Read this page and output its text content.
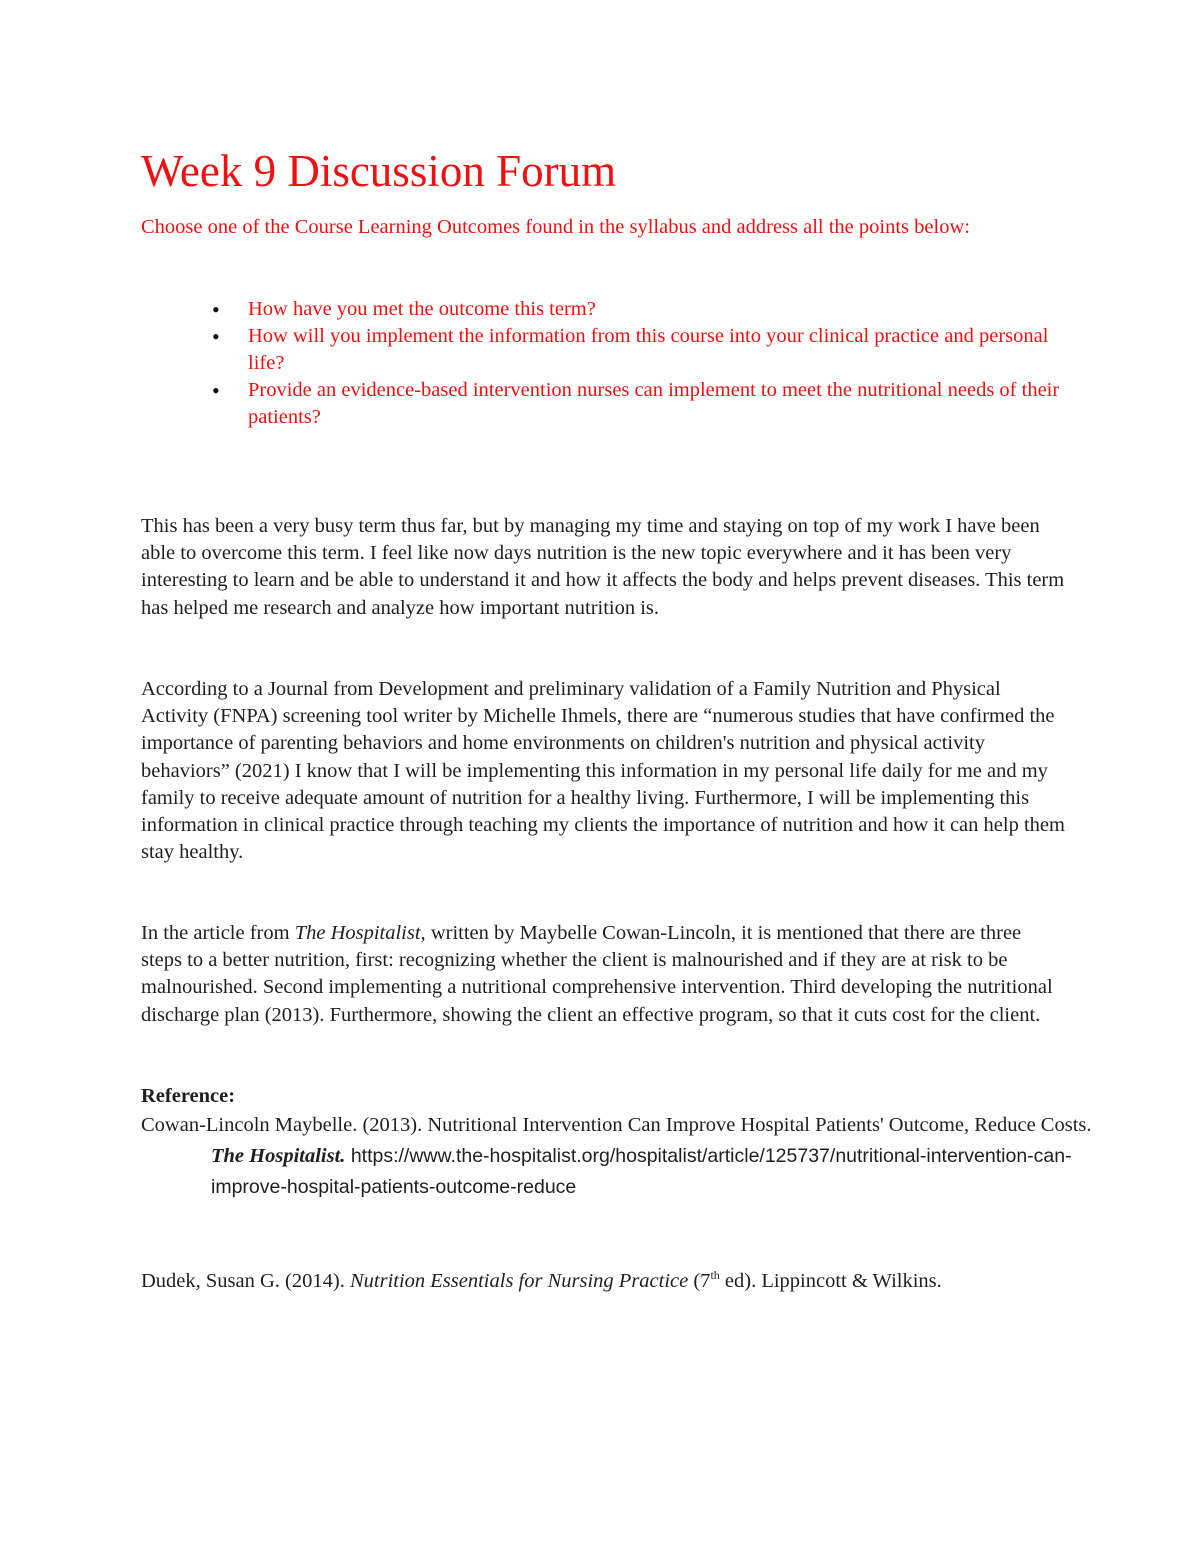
Week 9 Discussion Forum

Choose one of the Course Learning Outcomes found in the syllabus and address all the points below:

• How have you met the outcome this term?
• How will you implement the information from this course into your clinical practice and personal life?
• Provide an evidence-based intervention nurses can implement to meet the nutritional needs of their patients?

This has been a very busy term thus far, but by managing my time and staying on top of my work I have been able to overcome this term. I feel like now days nutrition is the new topic everywhere and it has been very interesting to learn and be able to understand it and how it affects the body and helps prevent diseases. This term has helped me research and analyze how important nutrition is.

According to a Journal from Development and preliminary validation of a Family Nutrition and Physical Activity (FNPA) screening tool writer by Michelle Ihmels, there are “numerous studies that have confirmed the importance of parenting behaviors and home environments on children's nutrition and physical activity behaviors” (2021) I know that I will be implementing this information in my personal life daily for me and my family to receive adequate amount of nutrition for a healthy living. Furthermore, I will be implementing this information in clinical practice through teaching my clients the importance of nutrition and how it can help them stay healthy.

In the article from The Hospitalist, written by Maybelle Cowan-Lincoln, it is mentioned that there are three steps to a better nutrition, first: recognizing whether the client is malnourished and if they are at risk to be malnourished. Second implementing a nutritional comprehensive intervention. Third developing the nutritional discharge plan (2013). Furthermore, showing the client an effective program, so that it cuts cost for the client.

Reference:

Cowan-Lincoln Maybelle. (2013). Nutritional Intervention Can Improve Hospital Patients' Outcome, Reduce Costs. The Hospitalist. https://www.the-hospitalist.org/hospitalist/article/125737/nutritional-intervention-can-improve-hospital-patients-outcome-reduce

Dudek, Susan G. (2014). Nutrition Essentials for Nursing Practice (7th ed). Lippincott & Wilkins.
